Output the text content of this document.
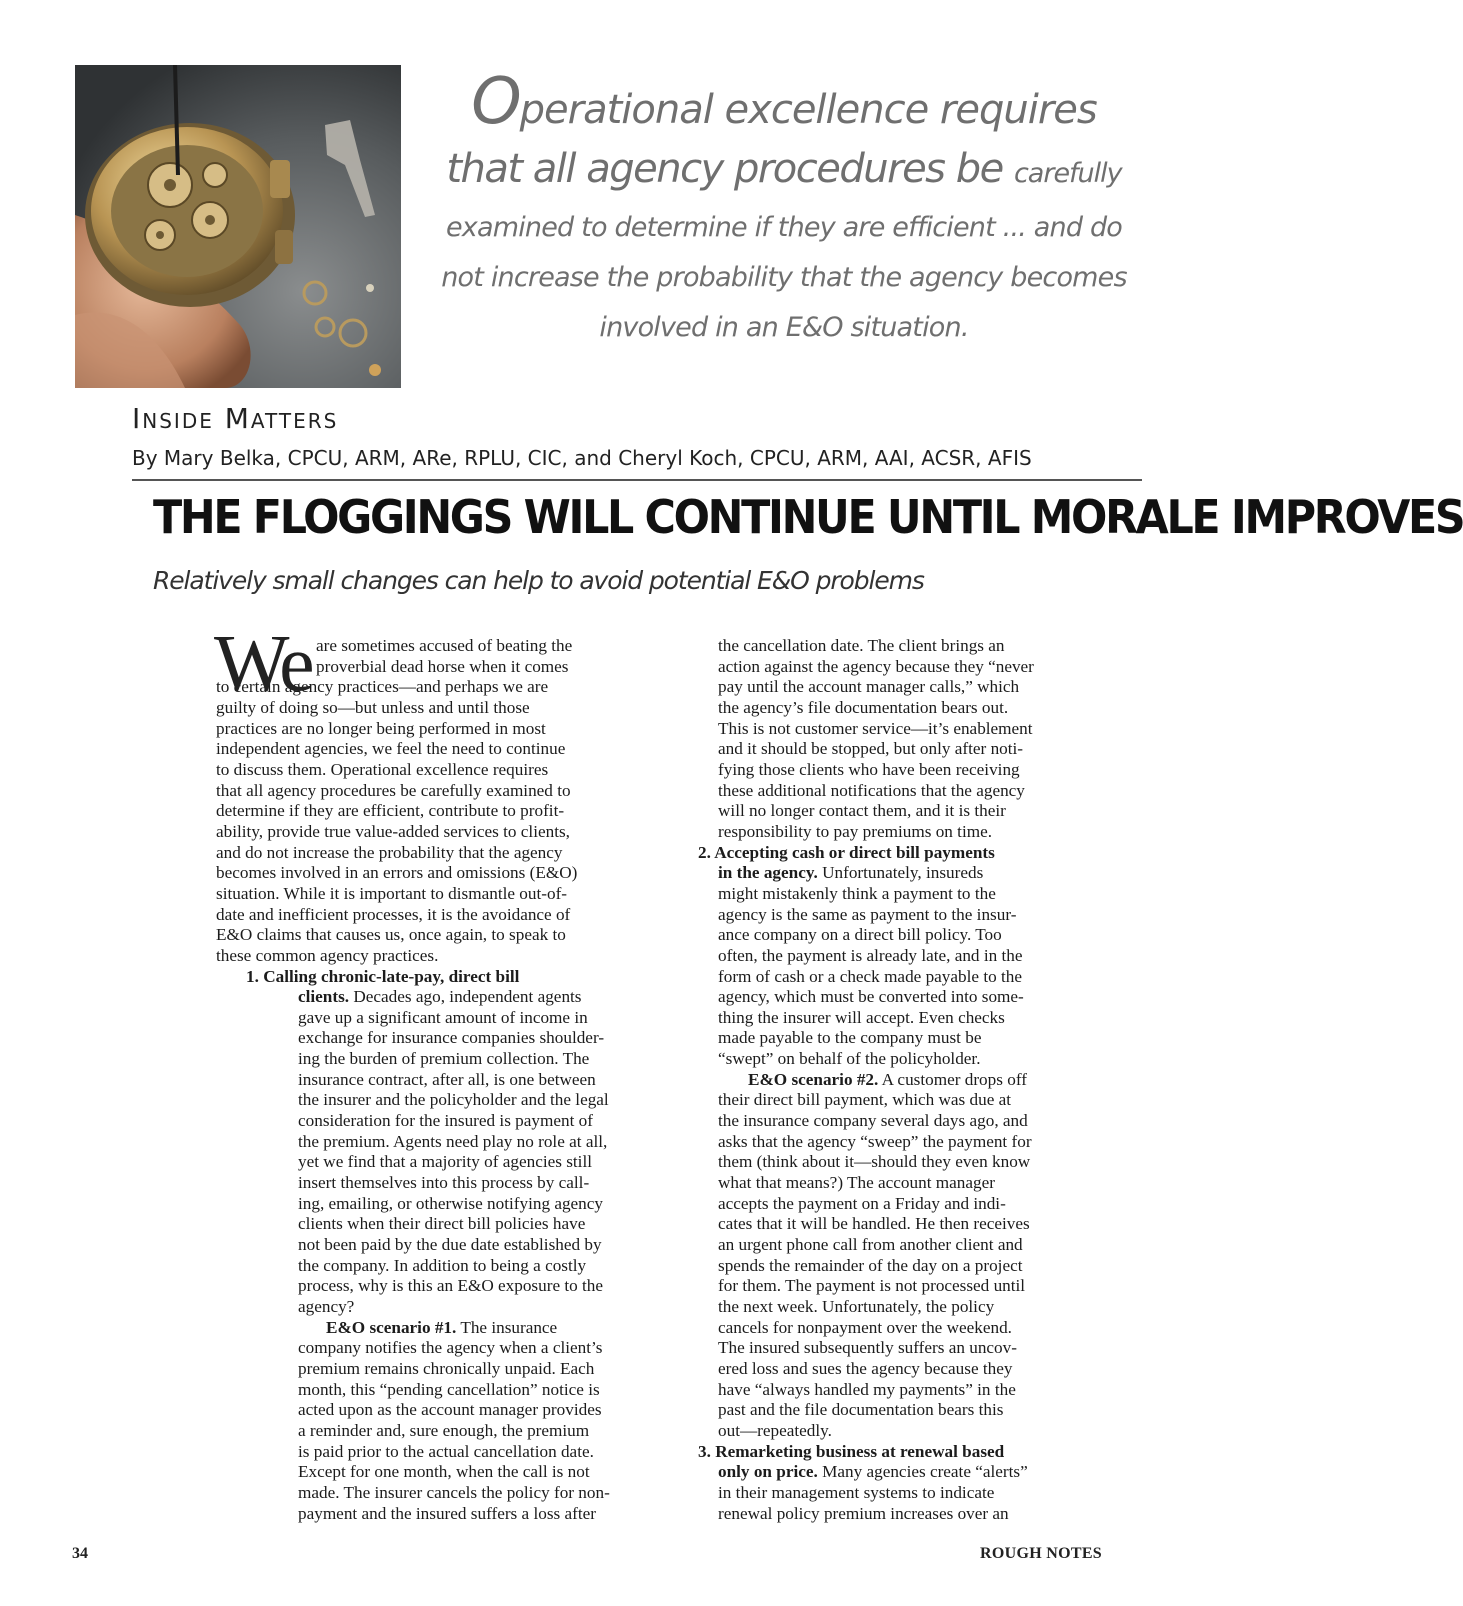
Operational excellence requires
that all agency procedures be carefully
examined to determine if they are efficient ... and do
not increase the probability that the agency becomes
involved in an E&O situation.
Inside Matters
By Mary Belka, CPCU, ARM, ARe, RPLU, CIC, and Cheryl Koch, CPCU, ARM, AAI, ACSR, AFIS
THE FLOGGINGS WILL CONTINUE UNTIL MORALE IMPROVES
Relatively small changes can help to avoid potential E&O problems
We are sometimes accused of beating the
proverbial dead horse when it comes
to certain agency practices—and perhaps we are
guilty of doing so—but unless and until those
practices are no longer being performed in most
independent agencies, we feel the need to continue
to discuss them. Operational excellence requires
that all agency procedures be carefully examined to
determine if they are efficient, contribute to profit-
ability, provide true value-added services to clients,
and do not increase the probability that the agency
becomes involved in an errors and omissions (E&O)
situation. While it is important to dismantle out-of-
date and inefficient processes, it is the avoidance of
E&O claims that causes us, once again, to speak to
these common agency practices.
1. Calling chronic-late-pay, direct bill
clients. Decades ago, independent agents
gave up a significant amount of income in
exchange for insurance companies shoulder-
ing the burden of premium collection. The
insurance contract, after all, is one between
the insurer and the policyholder and the legal
consideration for the insured is payment of
the premium. Agents need play no role at all,
yet we find that a majority of agencies still
insert themselves into this process by call-
ing, emailing, or otherwise notifying agency
clients when their direct bill policies have
not been paid by the due date established by
the company. In addition to being a costly
process, why is this an E&O exposure to the
agency?
E&O scenario #1. The insurance
company notifies the agency when a client’s
premium remains chronically unpaid. Each
month, this “pending cancellation” notice is
acted upon as the account manager provides
a reminder and, sure enough, the premium
is paid prior to the actual cancellation date.
Except for one month, when the call is not
made. The insurer cancels the policy for non-
payment and the insured suffers a loss after
the cancellation date. The client brings an
action against the agency because they “never
pay until the account manager calls,” which
the agency’s file documentation bears out.
This is not customer service—it’s enablement
and it should be stopped, but only after noti-
fying those clients who have been receiving
these additional notifications that the agency
will no longer contact them, and it is their
responsibility to pay premiums on time.
2. Accepting cash or direct bill payments
in the agency. Unfortunately, insureds
might mistakenly think a payment to the
agency is the same as payment to the insur-
ance company on a direct bill policy. Too
often, the payment is already late, and in the
form of cash or a check made payable to the
agency, which must be converted into some-
thing the insurer will accept. Even checks
made payable to the company must be
“swept” on behalf of the policyholder.
E&O scenario #2. A customer drops off
their direct bill payment, which was due at
the insurance company several days ago, and
asks that the agency “sweep” the payment for
them (think about it—should they even know
what that means?) The account manager
accepts the payment on a Friday and indi-
cates that it will be handled. He then receives
an urgent phone call from another client and
spends the remainder of the day on a project
for them. The payment is not processed until
the next week. Unfortunately, the policy
cancels for nonpayment over the weekend.
The insured subsequently suffers an uncov-
ered loss and sues the agency because they
have “always handled my payments” in the
past and the file documentation bears this
out—repeatedly.
3. Remarketing business at renewal based
only on price. Many agencies create “alerts”
in their management systems to indicate
renewal policy premium increases over an
34	ROUGH NOTES
